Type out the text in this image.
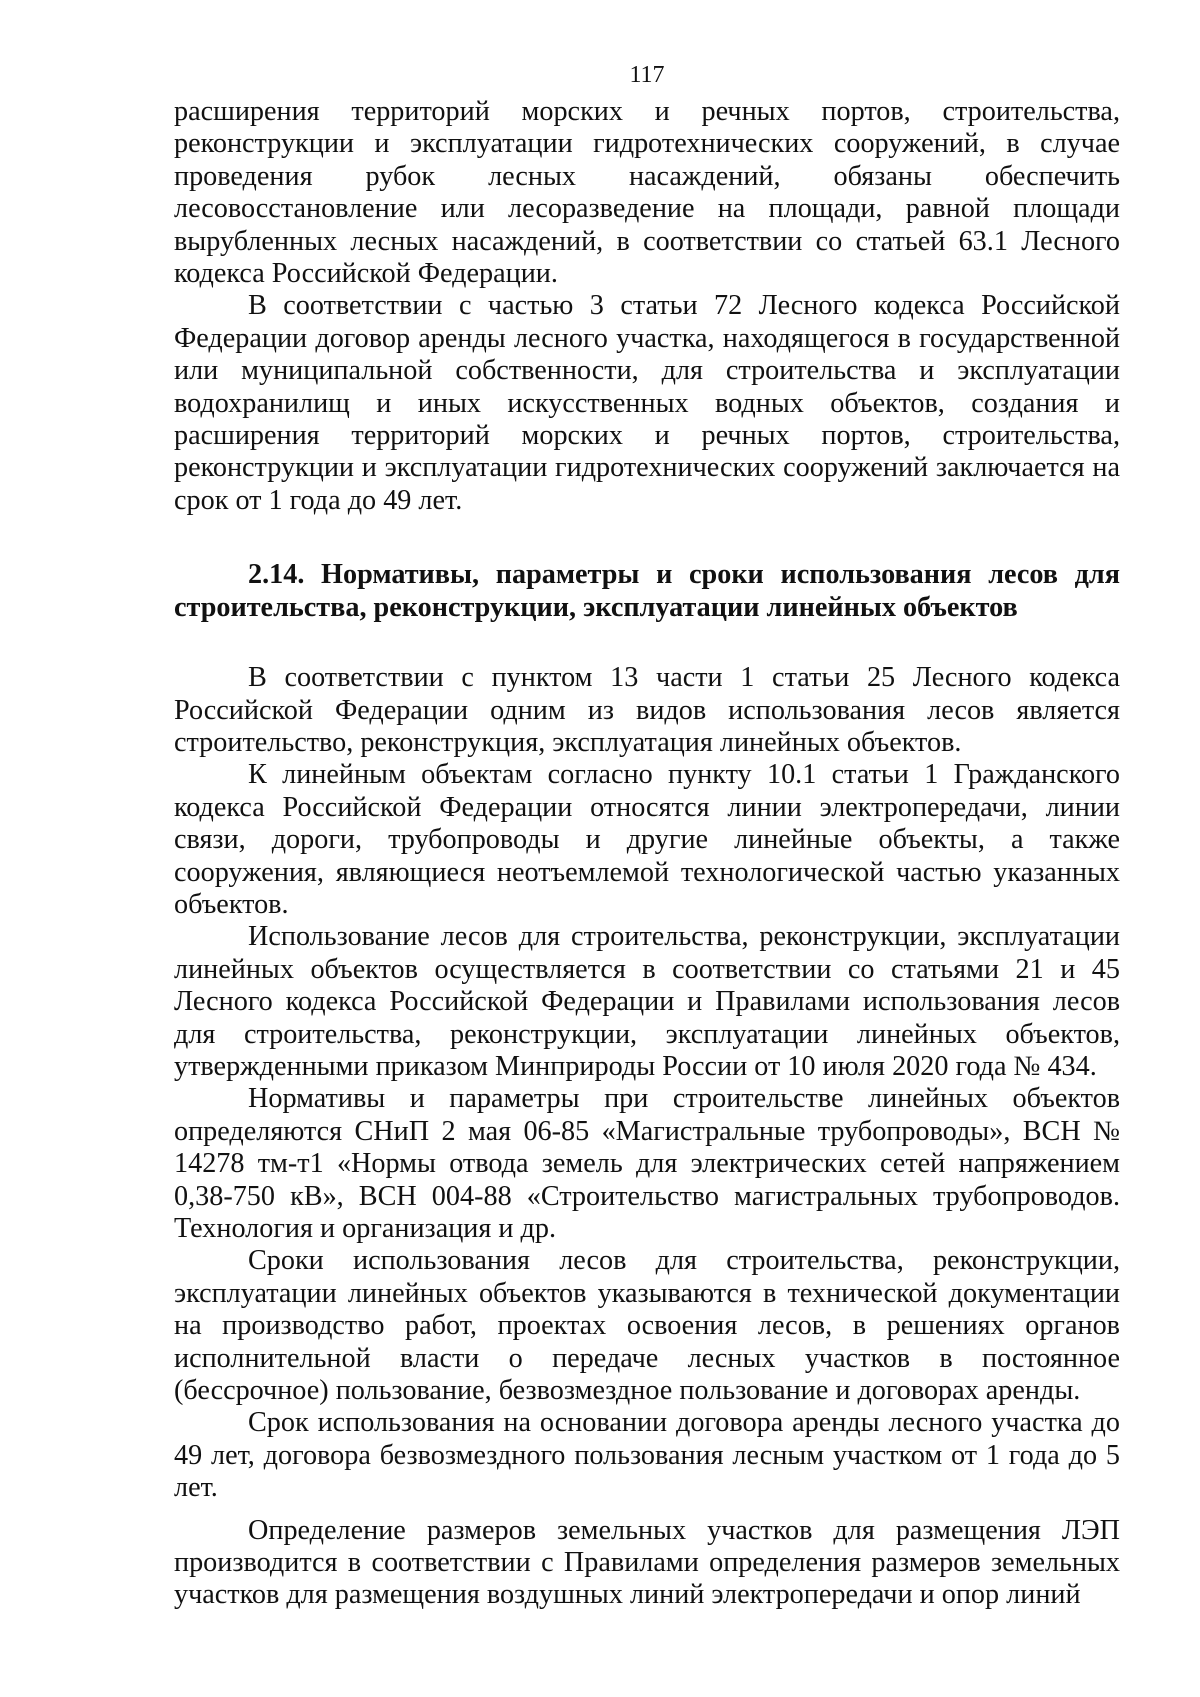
117

расширения территорий морских и речных портов, строительства, реконструкции и эксплуатации гидротехнических сооружений, в случае проведения рубок лесных насаждений, обязаны обеспечить лесовосстановление или лесоразведение на площади, равной площади вырубленных лесных насаждений, в соответствии со статьей 63.1 Лесного кодекса Российской Федерации.

В соответствии с частью 3 статьи 72 Лесного кодекса Российской Федерации договор аренды лесного участка, находящегося в государственной или муниципальной собственности, для строительства и эксплуатации водохранилищ и иных искусственных водных объектов, создания и расширения территорий морских и речных портов, строительства, реконструкции и эксплуатации гидротехнических сооружений заключается на срок от 1 года до 49 лет.

2.14. Нормативы, параметры и сроки использования лесов для строительства, реконструкции, эксплуатации линейных объектов

В соответствии с пунктом 13 части 1 статьи 25 Лесного кодекса Российской Федерации одним из видов использования лесов является строительство, реконструкция, эксплуатация линейных объектов.

К линейным объектам согласно пункту 10.1 статьи 1 Гражданского кодекса Российской Федерации относятся линии электропередачи, линии связи, дороги, трубопроводы и другие линейные объекты, а также сооружения, являющиеся неотъемлемой технологической частью указанных объектов.

Использование лесов для строительства, реконструкции, эксплуатации линейных объектов осуществляется в соответствии со статьями 21 и 45 Лесного кодекса Российской Федерации и Правилами использования лесов для строительства, реконструкции, эксплуатации линейных объектов, утвержденными приказом Минприроды России от 10 июля 2020 года № 434.

Нормативы и параметры при строительстве линейных объектов определяются СНиП 2 мая 06-85 «Магистральные трубопроводы», ВСН № 14278 тм-т1 «Нормы отвода земель для электрических сетей напряжением 0,38-750 кВ», ВСН 004-88 «Строительство магистральных трубопроводов. Технология и организация и др.

Сроки использования лесов для строительства, реконструкции, эксплуатации линейных объектов указываются в технической документации на производство работ, проектах освоения лесов, в решениях органов исполнительной власти о передаче лесных участков в постоянное (бессрочное) пользование, безвозмездное пользование и договорах аренды.

Срок использования на основании договора аренды лесного участка до 49 лет, договора безвозмездного пользования лесным участком от 1 года до 5 лет.

Определение размеров земельных участков для размещения ЛЭП производится в соответствии с Правилами определения размеров земельных участков для размещения воздушных линий электропередачи и опор линий
